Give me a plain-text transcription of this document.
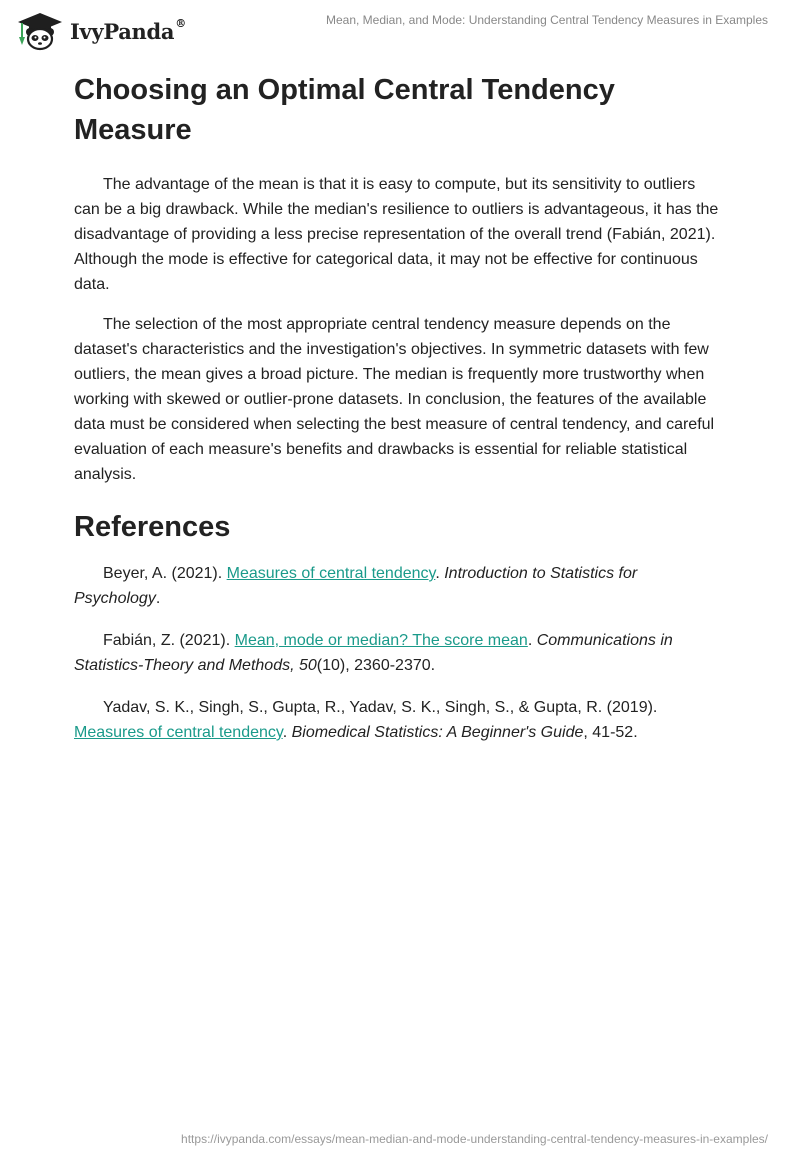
IvyPanda®	Mean, Median, and Mode: Understanding Central Tendency Measures in Examples
Choosing an Optimal Central Tendency Measure

The advantage of the mean is that it is easy to compute, but its sensitivity to outliers can be a big drawback. While the median's resilience to outliers is advantageous, it has the disadvantage of providing a less precise representation of the overall trend (Fabián, 2021). Although the mode is effective for categorical data, it may not be effective for continuous data.

The selection of the most appropriate central tendency measure depends on the dataset's characteristics and the investigation's objectives. In symmetric datasets with few outliers, the mean gives a broad picture. The median is frequently more trustworthy when working with skewed or outlier-prone datasets. In conclusion, the features of the available data must be considered when selecting the best measure of central tendency, and careful evaluation of each measure's benefits and drawbacks is essential for reliable statistical analysis.

References

Beyer, A. (2021). Measures of central tendency. Introduction to Statistics for Psychology.

Fabián, Z. (2021). Mean, mode or median? The score mean. Communications in Statistics-Theory and Methods, 50(10), 2360-2370.

Yadav, S. K., Singh, S., Gupta, R., Yadav, S. K., Singh, S., & Gupta, R. (2019). Measures of central tendency. Biomedical Statistics: A Beginner's Guide, 41-52.

https://ivypanda.com/essays/mean-median-and-mode-understanding-central-tendency-measures-in-examples/
